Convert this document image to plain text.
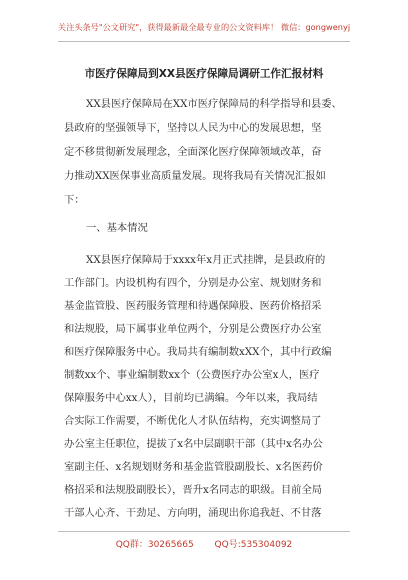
关注头条号"公文研究"，获得最新最全最专业的公文资料库！ 微信：gongwenyj
市医疗保障局到XX县医疗保障局调研工作汇报材料
XX县医疗保障局在XX市医疗保障局的科学指导和县委、
县政府的坚强领导下，坚持以人民为中心的发展思想，坚
定不移贯彻新发展理念，全面深化医疗保障领域改革，奋
力推动XX医保事业高质量发展。现将我局有关情况汇报如
下：
一、基本情况
XX县医疗保障局于xxxx年x月正式挂牌，是县政府的
工作部门。内设机构有四个，分别是办公室、规划财务和
基金监管股、医药服务管理和待遇保障股、医药价格招采
和法规股，局下属事业单位两个，分别是公费医疗办公室
和医疗保障服务中心。我局共有编制数xXX个，其中行政编
制数xx个、事业编制数xx个（公费医疗办公室x人，医疗
保障服务中心xx人），目前均已满编。今年以来，我局结
合实际工作需要，不断优化人才队伍结构，充实调整局了
办公室主任职位，提拔了x名中层副职干部（其中x名办公
室副主任、x名规划财务和基金监管股副股长、x名医药价
格招采和法规股副股长），晋升x名同志的职级。目前全局
干部人心齐、干劲足、方向明，涌现出你追我赶、不甘落
QQ群：30265665 QQ号:535304092
